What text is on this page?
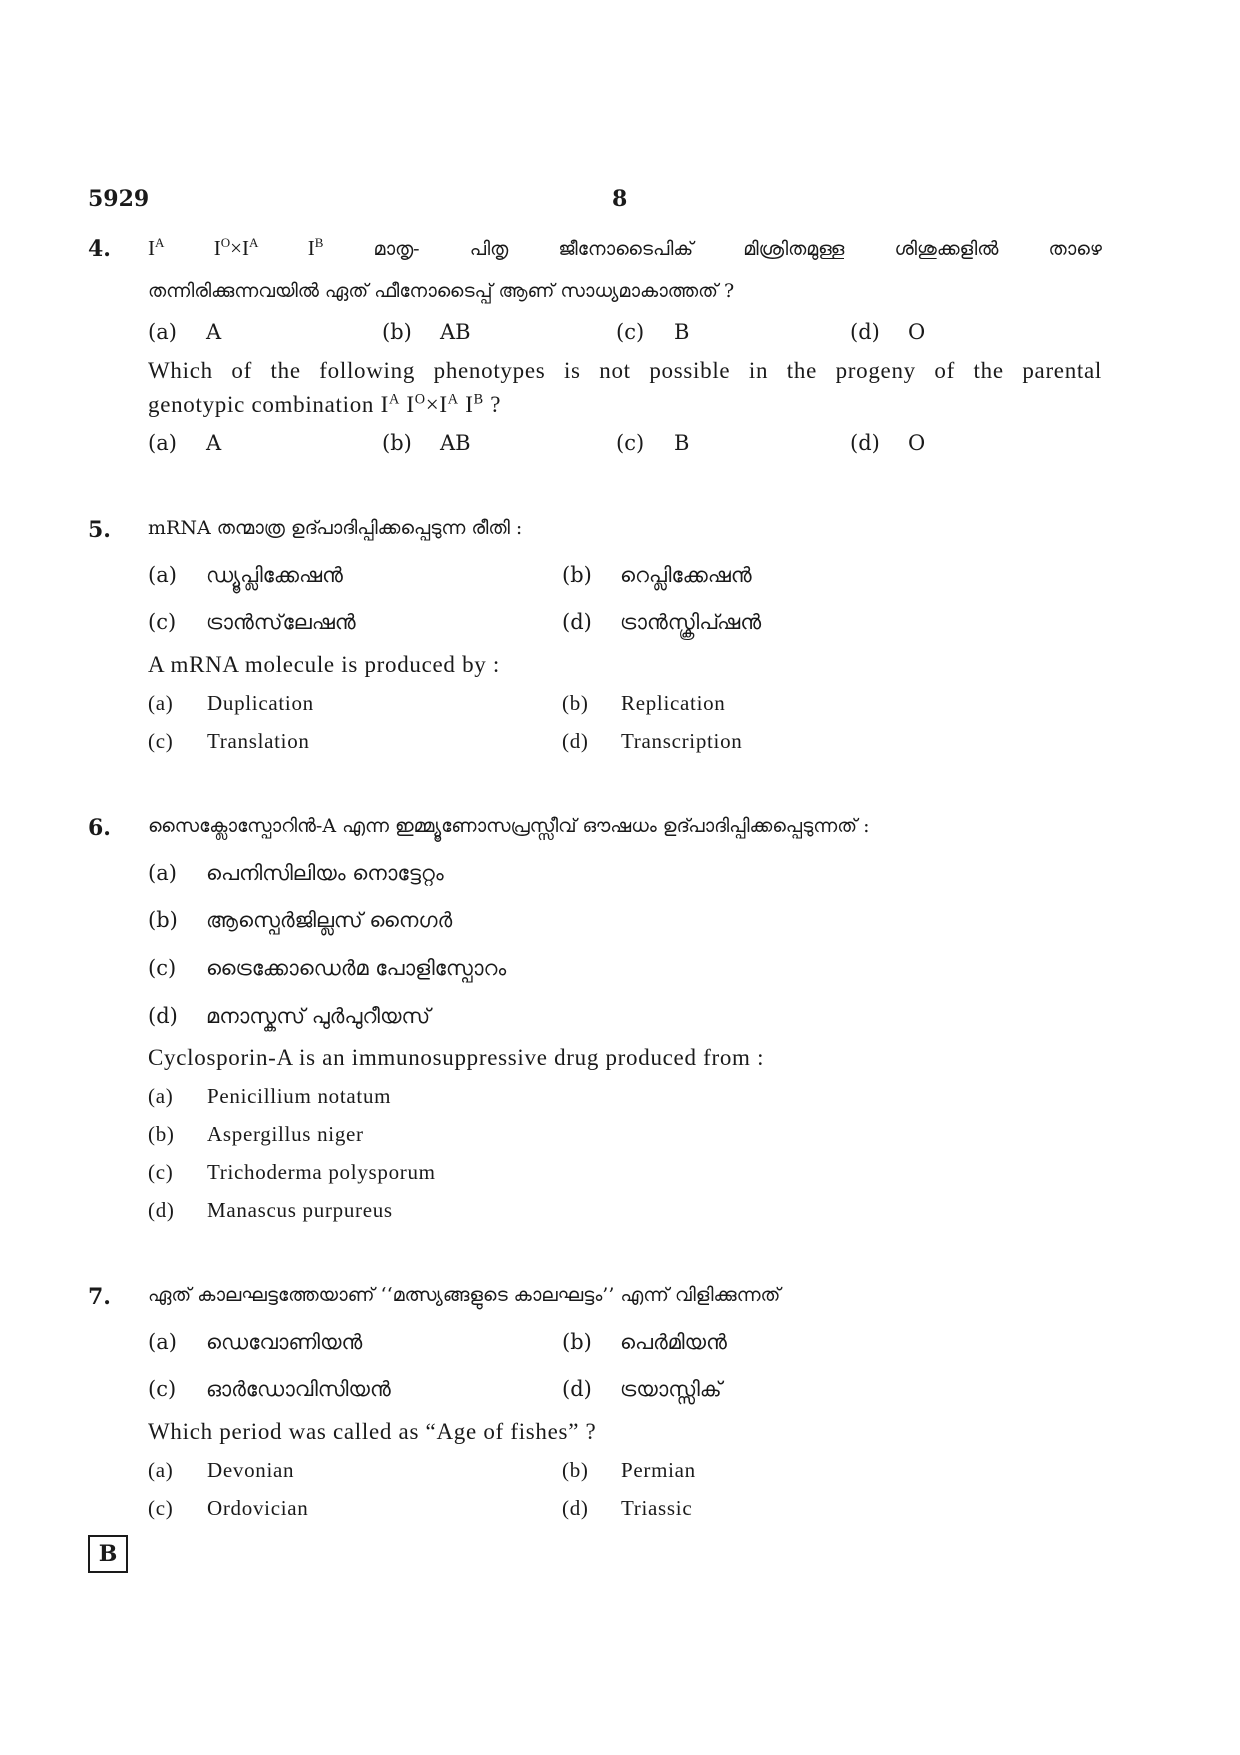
5929	8
4. $I^A$ $I^O\times I^A$ $I^B$ മാതൃ- പിതൃ ജീനോടൈപിക് മിശ്രിതമുള്ള ശിശുക്കളിൽ താഴെ
തന്നിരിക്കുന്നവയിൽ ഏത് ഫീനോടൈപ്പ് ആണ് സാധ്യമാകാത്തത് ?
(a) A	(b) AB	(c) B	(d) O
Which of the following phenotypes is not possible in the progeny of the parental
genotypic combination $I^A$ $I^O\times I^A$ $I^B$ ?
(a) A	(b) AB	(c) B	(d) O
5. mRNA തന്മാത്ര ഉദ്പാദിപ്പിക്കപ്പെടുന്ന രീതി :
(a) ഡ്യൂപ്ലിക്കേഷൻ	(b) റെപ്ലിക്കേഷൻ
(c) ട്രാൻസ്‌ലേഷൻ	(d) ട്രാൻസ്ക്രിപ്ഷൻ
A mRNA molecule is produced by :
(a) Duplication	(b) Replication
(c) Translation	(d) Transcription
6. സൈക്ലോസ്പോറിൻ-A എന്ന ഇമ്മ്യൂണോസപ്രസ്സീവ് ഔഷധം ഉദ്പാദിപ്പിക്കപ്പെടുന്നത് :
(a) പെനിസിലിയം നൊട്ടേറ്റം
(b) ആസ്പെർജില്ലസ് നൈഗർ
(c) ട്രൈക്കോഡെർമ പോളിസ്പോറം
(d) മനാസ്കസ് പുർപുറീയസ്
Cyclosporin-A is an immunosuppressive drug produced from :
(a) Penicillium notatum
(b) Aspergillus niger
(c) Trichoderma polysporum
(d) Manascus purpureus
7. ഏത് കാലഘട്ടത്തേയാണ് ‘‘മത്സ്യങ്ങളുടെ കാലഘട്ടം’’ എന്ന് വിളിക്കുന്നത്
(a) ഡെവോണിയൻ	(b) പെർമിയൻ
(c) ഓർഡോവിസിയൻ	(d) ട്രയാസ്സിക്
Which period was called as “Age of fishes” ?
(a) Devonian	(b) Permian
(c) Ordovician	(d) Triassic
B
